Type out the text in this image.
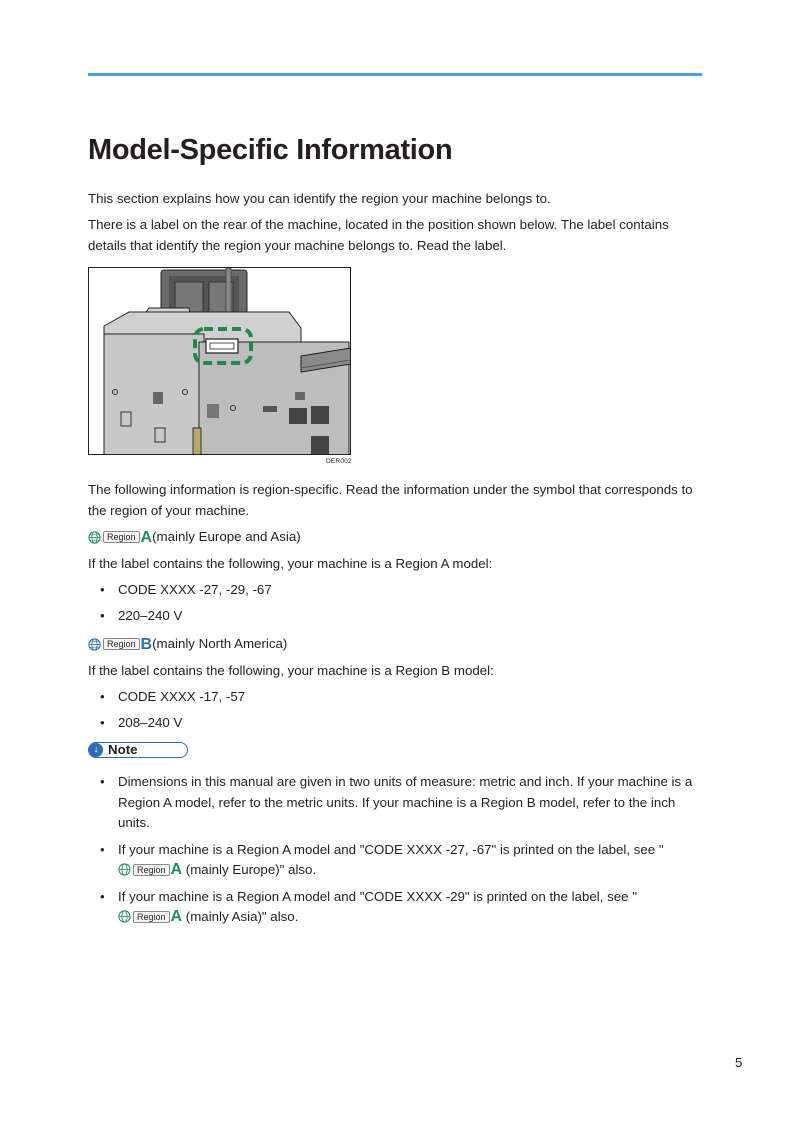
Model-Specific Information

This section explains how you can identify the region your machine belongs to.

There is a label on the rear of the machine, located in the position shown below. The label contains details that identify the region your machine belongs to. Read the label.

DER002

The following information is region-specific. Read the information under the symbol that corresponds to the region of your machine.

Region A (mainly Europe and Asia)

If the label contains the following, your machine is a Region A model:

• CODE XXXX -27, -29, -67
• 220–240 V
Region B (mainly North America)

If the label contains the following, your machine is a Region B model:

• CODE XXXX -17, -57
• 208–240 V
↓ Note
• Dimensions in this manual are given in two units of measure: metric and inch. If your machine is a Region A model, refer to the metric units. If your machine is a Region B model, refer to the inch units.
• If your machine is a Region A model and "CODE XXXX -27, -67" is printed on the label, see "
Region A (mainly Europe)" also.
• If your machine is a Region A model and "CODE XXXX -29" is printed on the label, see "
Region A (mainly Asia)" also.
5
